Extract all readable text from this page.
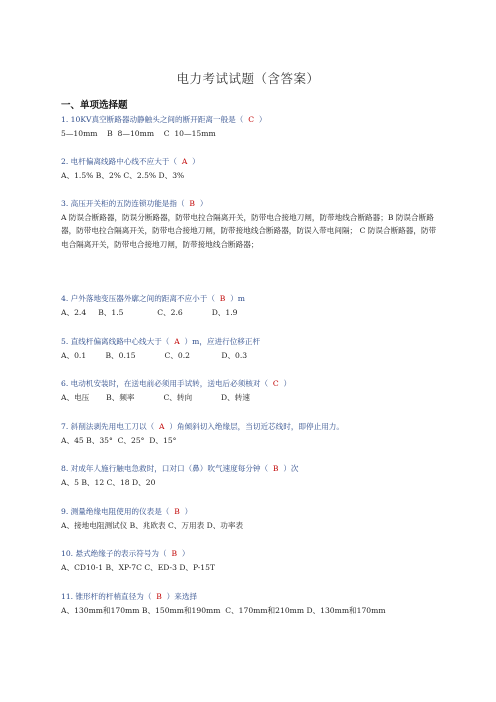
电力考试试题（含答案）
一、单项选择题
1. 10KV真空断路器动静触头之间的断开距离一般是（  C  ）
5—10mm    B  8—10mm    C  10—15mm
2. 电杆偏离线路中心线不应大于（  A  ）
A、1.5% B、2% C、2.5% D、3%
3. 高压开关柜的五防连锁功能是指（  B  ）
A 防误合断路器，防误分断路器，防带电拉合隔离开关，防带电合接地刀闸，防带地线合断路器；B 防误合断路器，防带电拉合隔离开关，防带电合接地刀闸，防带接地线合断路器，防误入带电间隔； C 防误合断路器，防带电合隔离开关，防带电合接地刀闸，防带接地线合断路器；
4. 户外落地变压器外廓之间的距离不应小于（  B  ）m
A、2.4     B、1.5              C、2.6            D、1.9
5. 直线杆偏离线路中心线大于（  A  ）m，应进行位移正杆
A、0.1        B、0.15            C、0.2             D、0.3
6. 电动机安装时，在送电前必须用手试转，送电后必须核对（  C  ）
A、电压       B、频率            C、转向            D、转速
7. 斜削法剥先用电工刀以（  A  ）角倾斜切入绝缘层，当切近芯线时，即停止用力。
A、45 B、35°  C、25°  D、15°
8. 对成年人施行触电急救时，口对口（鼻）吹气速度每分钟（  B  ）次
A、5 B、12 C、18 D、20
9. 测量绝缘电阻使用的仪表是（  B  ）
A、接地电阻测试仪 B、兆欧表 C、万用表 D、功率表
10. 悬式绝缘子的表示符号为（  B  ）
A、CD10-1 B、XP-7C C、ED-3 D、P-15T
11. 锥形杆的杆梢直径为（  B  ）来选择
A、130mm和170mm B、150mm和190mm  C、170mm和210mm D、130mm和170mm
